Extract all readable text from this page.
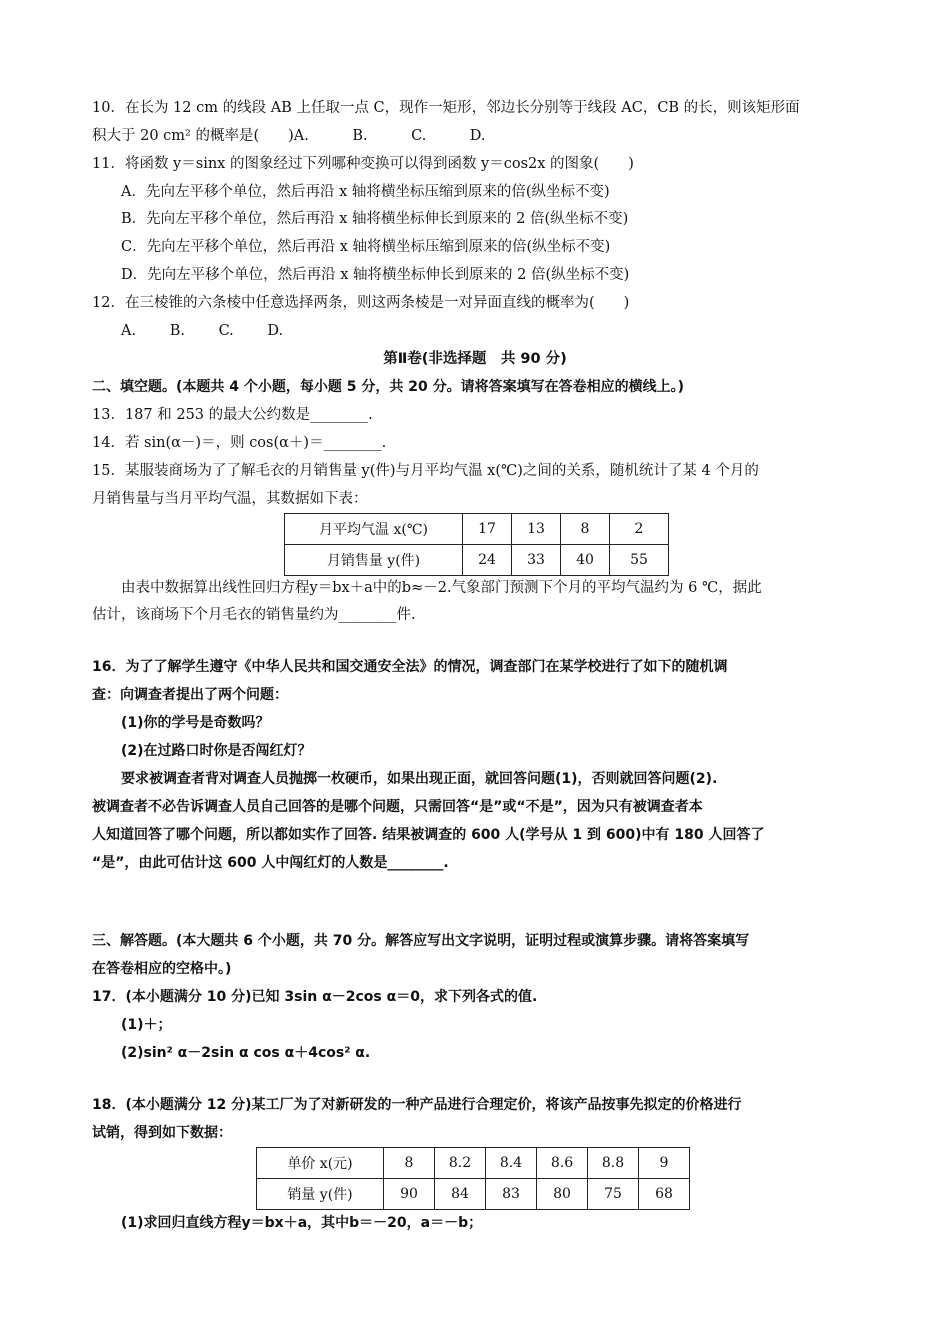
10．在长为 12 cm 的线段 AB 上任取一点 C，现作一矩形，邻边长分别等于线段 AC，CB 的长，则该矩形面
积大于 20 cm² 的概率是(　　)A.　　　B.　　　C.　　　D.
11．将函数 y＝sinx 的图象经过下列哪种变换可以得到函数 y＝cos2x 的图象(　　)
A．先向左平移个单位，然后再沿 x 轴将横坐标压缩到原来的倍(纵坐标不变)
B．先向左平移个单位，然后再沿 x 轴将横坐标伸长到原来的 2 倍(纵坐标不变)
C．先向左平移个单位，然后再沿 x 轴将横坐标压缩到原来的倍(纵坐标不变)
D．先向左平移个单位，然后再沿 x 轴将横坐标伸长到原来的 2 倍(纵坐标不变)
12．在三棱锥的六条棱中任意选择两条，则这两条棱是一对异面直线的概率为(　　)
A.　　 B.　　 C.　　 D.
第Ⅱ卷(非选择题　共 90 分)
二、填空题。(本题共 4 个小题，每小题 5 分，共 20 分。请将答案填写在答卷相应的横线上。)
13．187 和 253 的最大公约数是________.
14．若 sin(α－)＝，则 cos(α＋)＝________.
15．某服装商场为了了解毛衣的月销售量 y(件)与月平均气温 x(℃)之间的关系，随机统计了某 4 个月的
月销售量与当月平均气温，其数据如下表：
月平均气温 x(℃)	17	13	8	2
月销售量 y(件)	24	33	40	55
由表中数据算出线性回归方程y＝bx＋a中的b≈－2.气象部门预测下个月的平均气温约为 6 ℃，据此
估计，该商场下个月毛衣的销售量约为________件.
16．为了了解学生遵守《中华人民共和国交通安全法》的情况，调查部门在某学校进行了如下的随机调
查：向调查者提出了两个问题：
(1)你的学号是奇数吗？
(2)在过路口时你是否闯红灯？
要求被调查者背对调查人员抛掷一枚硬币，如果出现正面，就回答问题(1)，否则就回答问题(2).
被调查者不必告诉调查人员自己回答的是哪个问题，只需回答“是”或“不是”，因为只有被调查者本
人知道回答了哪个问题，所以都如实作了回答. 结果被调查的 600 人(学号从 1 到 600)中有 180 人回答了
“是”，由此可估计这 600 人中闯红灯的人数是________.
三、解答题。(本大题共 6 个小题，共 70 分。解答应写出文字说明，证明过程或演算步骤。请将答案填写
在答卷相应的空格中。)
17．(本小题满分 10 分)已知 3sin α－2cos α＝0，求下列各式的值.
(1)＋；
(2)sin² α－2sin α cos α＋4cos² α.
18．(本小题满分 12 分)某工厂为了对新研发的一种产品进行合理定价，将该产品按事先拟定的价格进行
试销，得到如下数据：
单价 x(元)	8	8.2	8.4	8.6	8.8	9
销量 y(件)	90	84	83	80	75	68
(1)求回归直线方程y＝bx＋a，其中b＝－20，a＝－b；
